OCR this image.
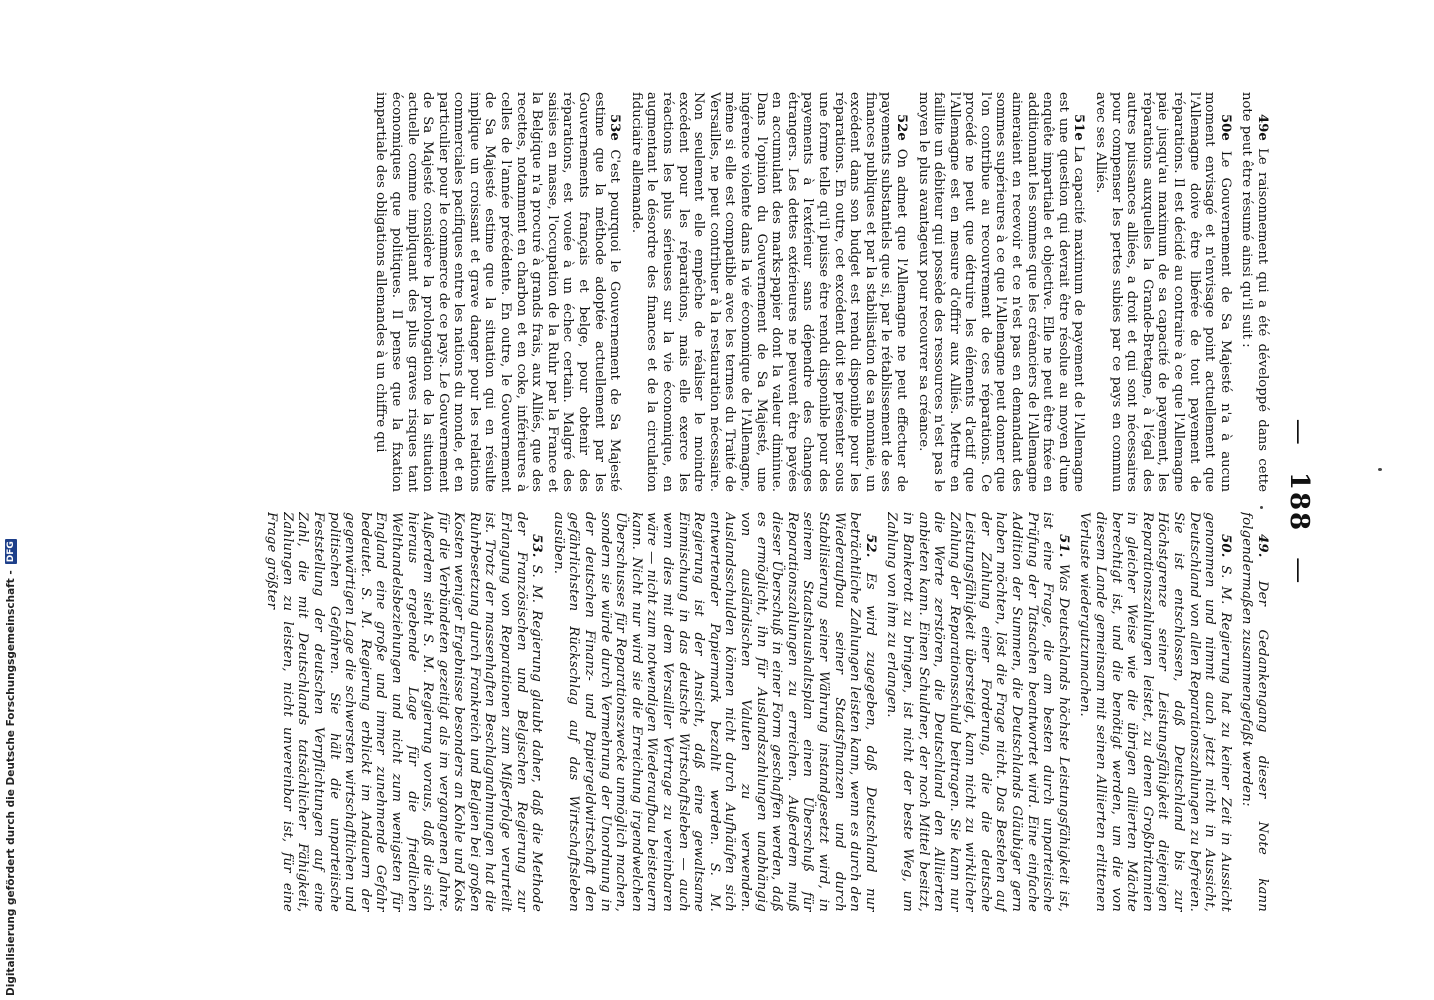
— 188 —

49e Le raisonnement qui a été développé dans cette note peut être résumé ainsi qu'il suit :

50e Le Gouvernement de Sa Majesté n'a à aucun moment envisagé et n'envisage point actuellement que l'Allemagne doive être libérée de tout payement de réparations. Il est décidé au contraire à ce que l'Allemagne paie jusqu'au maximum de sa capacité de payement, les réparations auxquelles la Grande-Bretagne, à l'égal des autres puissances alliées, a droit et qui sont nécessaires pour compenser les pertes subies par ce pays en commun avec ses Alliés.

51e La capacité maximum de payement de l'Allemagne est une question qui devrait être résolue au moyen d'une enquête impartiale et objective. Elle ne peut être fixée en additionnant les sommes que les créanciers de l'Allemagne aimeraient en recevoir et ce n'est pas en demandant des sommes supérieures à ce que l'Allemagne peut donner que l'on contribue au recouvrement de ces réparations. Ce procédé ne peut que détruire les éléments d'actif que l'Allemagne est en mesure d'offrir aux Alliés. Mettre en faillite un débiteur qui possède des ressources n'est pas le moyen le plus avantageux pour recouvrer sa créance.

52e On admet que l'Allemagne ne peut effectuer de payements substantiels que si, par le rétablissement de ses finances publiques et par la stabilisation de sa monnaie, un excédent dans son budget est rendu disponible pour les réparations. En outre, cet excédent doit se présenter sous une forme telle qu'il puisse être rendu disponible pour des payements à l'extérieur sans dépendre des changes étrangers. Les dettes extérieures ne peuvent être payées en accumulant des marks-papier dont la valeur diminue. Dans l'opinion du Gouvernement de Sa Majesté, une ingérence violente dans la vie économique de l'Allemagne, même si elle est compatible avec les termes du Traité de Versailles, ne peut contribuer à la restauration nécessaire. Non seulement elle empêche de réaliser le moindre excédent pour les réparations, mais elle exerce les réactions les plus sérieuses sur la vie économique, en augmentant le désordre des finances et de la circulation fiduciaire allemande.

53e C'est pourquoi le Gouvernement de Sa Majesté estime que la méthode adoptée actuellement par les Gouvernements français et belge, pour obtenir des réparations, est vouée à un échec certain. Malgré des saisies en masse, l'occupation de la Ruhr par la France et la Belgique n'a procuré à grands frais, aux Alliés, que des recettes, notamment en charbon et en coke, inférieures à celles de l'année précédente. En outre, le Gouvernement de Sa Majesté estime que la situation qui en résulte implique un croissant et grave danger pour les relations commerciales pacifiques entre les nations du monde, et en particulier pour le commerce de ce pays. Le Gouvernement de Sa Majesté considère la prolongation de la situation actuelle comme impliquant des plus graves risques tant économiques que politiques. Il pense que la fixation impartiale des obligations allemandes à un chiffre qui

49. Der Gedankengang dieser Note kann folgendermaßen zusammengefaßt werden:

50. S. M. Regierung hat zu keiner Zeit in Aussicht genommen und nimmt auch jetzt nicht in Aussicht, Deutschland von allen Reparationszahlungen zu befreien. Sie ist entschlossen, daß Deutschland bis zur Höchstgrenze seiner Leistungsfähigkeit diejenigen Reparationszahlungen leistet, zu denen Großbritannien in gleicher Weise wie die übrigen alliierten Mächte berechtigt ist, und die benötigt werden, um die von diesem Lande gemeinsam mit seinen Alliierten erlittenen Verluste wiedergutzumachen.

51. Was Deutschlands höchste Leistungsfähigkeit ist, ist eine Frage, die am besten durch unparteiische Prüfung der Tatsachen beantwortet wird. Eine einfache Addition der Summen, die Deutschlands Gläubiger gern haben möchten, löst die Frage nicht. Das Bestehen auf der Zahlung einer Forderung, die die deutsche Leistungsfähigkeit übersteigt, kann nicht zu wirklicher Zahlung der Reparationsschuld beitragen. Sie kann nur die Werte zerstören, die Deutschland den Alliierten anbieten kann. Einen Schuldner, der noch Mittel besitzt, in Bankerott zu bringen, ist nicht der beste Weg, um Zahlung von ihm zu erlangen.

52. Es wird zugegeben, daß Deutschland nur beträchtliche Zahlungen leisten kann, wenn es durch den Wiederaufbau seiner Staatsfinanzen und durch Stabilisierung seiner Währung instandgesetzt wird, in seinem Staatshaushaltsplan einen Überschuß für Reparationszahlungen zu erreichen. Außerdem muß dieser Überschuß in einer Form geschaffen werden, daß es ermöglicht, ihn für Auslandszahlungen unabhängig von ausländischen Valuten zu verwenden. Auslandsschulden können nicht durch Aufhäufen sich entwertender Papiermark bezahlt werden. S. M. Regierung ist der Ansicht, daß eine gewaltsame Einmischung in das deutsche Wirtschaftsleben — auch wenn dies mit dem Versailler Vertrage zu vereinbaren wäre — nicht zum notwendigen Wiederaufbau beisteuern kann. Nicht nur wird sie die Erreichung irgendwelchen Überschusses für Reparationszwecke unmöglich machen, sondern sie würde durch Vermehrung der Unordnung in der deutschen Finanz- und Papiergeldwirtschaft den gefährlichsten Rückschlag auf das Wirtschaftsleben ausüben.

53. S. M. Regierung glaubt daher, daß die Methode der Französischen und Belgischen Regierung zur Erlangung von Reparationen zum Mißerfolge verurteilt ist. Trotz der massenhaften Beschlagnahmungen hat die Ruhrbesetzung durch Frankreich und Belgien bei großen Kosten weniger Ergebnisse besonders an Kohle und Koks für die Verbündeten gezeitigt als im vergangenen Jahre. Außerdem sieht S. M. Regierung voraus, daß die sich hieraus ergebende Lage für die friedlichen Welthandelsbeziehungen und nicht zum wenigsten für England eine große und immer zunehmende Gefahr bedeutet. S. M. Regierung erblickt im Andauern der gegenwärtigen Lage die schwersten wirtschaftlichen und politischen Gefahren. Sie hält die unparteiische Feststellung der deutschen Verpflichtungen auf eine Zahl, die mit Deutschlands tatsächlicher Fähigkeit, Zahlungen zu leisten, nicht unvereinbar ist, für eine Frage größter

Digitalisierung gefördert durch die Deutsche Forschungsgemeinschaft -
DFG
